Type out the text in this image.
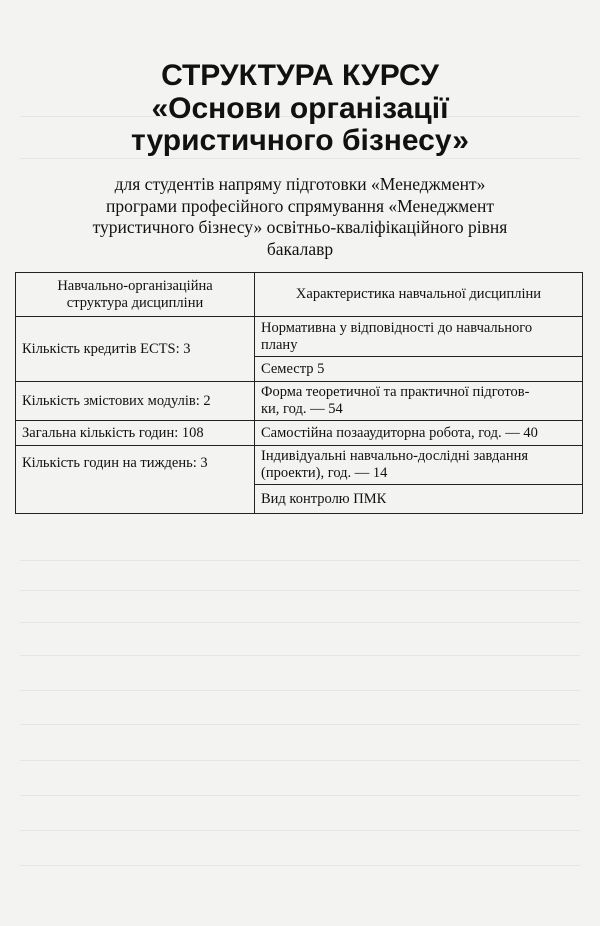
СТРУКТУРА КУРСУ
«Основи організації
туристичного бізнесу»
для студентів напряму підготовки «Менеджмент»
програми професійного спрямування «Менеджмент
туристичного бізнесу» освітньо-кваліфікаційного рівня
бакалавр
Навчально-організаційна
структура дисципліни	Характеристика навчальної дисципліни
Кількість кредитів ECTS: 3	Нормативна у відповідності до навчального
плану
	Семестр 5
Кількість змістових модулів: 2	Форма теоретичної та практичної підготов-
ки, год. — 54
Загальна кількість годин: 108	Самостійна позааудиторна робота, год. — 40
Кількість годин на тиждень: 3	Індивідуальні навчально-дослідні завдання
(проекти), год. — 14
	Вид контролю ПМК
